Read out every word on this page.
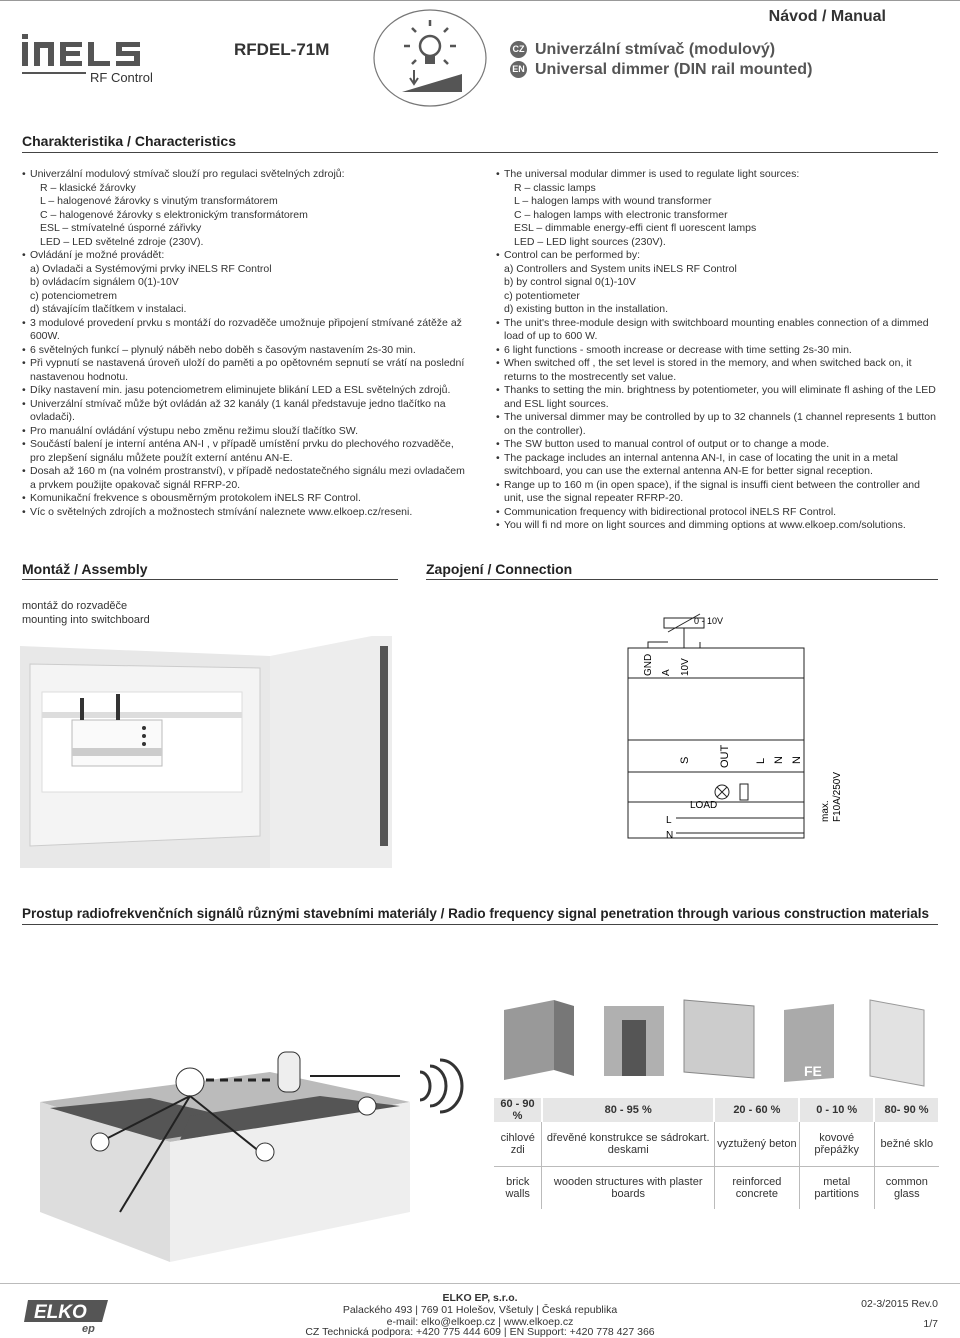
Návod / Manual
RF Control
RFDEL-71M	CZ Univerzální stmívač (modulový)
EN Universal dimmer (DIN rail mounted)
Charakteristika / Characteristics

• Univerzální modulový stmívač slouží pro regulaci světelných zdrojů:

R – klasické žárovky

L – halogenové žárovky s vinutým transformátorem

C – halogenové žárovky s elektronickým transformátorem

ESL – stmívatelné úsporné zářivky

LED – LED světelné zdroje (230V).

• Ovládání je možné provádět:

a) Ovladači a Systémovými prvky iNELS RF Control

b) ovládacím signálem 0(1)-10V

c) potenciometrem

d) stávajícím tlačítkem v instalaci.

• 3 modulové provedení prvku s montáží do rozvaděče umožnuje připojení stmívané zátěže až 600W.

• 6 světelných funkcí – plynulý náběh nebo doběh s časovým nastavením 2s-30 min.

• Při vypnutí se nastavená úroveň uloží do paměti a po opětovném sepnutí se vrátí na poslední nastavenou hodnotu.

• Díky nastavení min. jasu potenciometrem eliminujete blikání LED a ESL světelných zdrojů.

• Univerzální stmívač může být ovládán až 32 kanály (1 kanál představuje jedno tlačítko na ovladači).

• Pro manuální ovládání výstupu nebo změnu režimu slouží tlačítko SW.

• Součástí balení je interní anténa AN-I , v případě umístění prvku do plechového rozvaděče, pro zlepšení signálu můžete použít externí anténu AN-E.

• Dosah až 160 m (na volném prostranství), v případě nedostatečného signálu mezi ovladačem a prvkem použijte opakovač signál RFRP-20.

• Komunikační frekvence s obousměrným protokolem iNELS RF Control.

• Víc o světelných zdrojích a možnostech stmívání naleznete www.elkoep.cz/reseni.

• The universal modular dimmer is used to regulate light sources:

R – classic lamps

L – halogen lamps with wound transformer

C – halogen lamps with electronic transformer

ESL – dimmable energy-effi cient fl uorescent lamps

LED – LED light sources (230V).

• Control can be performed by:

a) Controllers and System units iNELS RF Control

b) by control signal 0(1)-10V

c) potentiometer

d) existing button in the installation.

• The unit's three-module design with switchboard mounting enables connection of a dimmed load of up to 600 W.

• 6 light functions - smooth increase or decrease with time setting 2s-30 min.

• When switched off , the set level is stored in the memory, and when switched back on, it returns to the mostrecently set value.

• Thanks to setting the min. brightness by potentiometer, you will eliminate fl ashing of the LED and ESL light sources.

• The universal dimmer may be controlled by up to 32 channels (1 channel represents 1 button on the controller).

• The SW button used to manual control of output or to change a mode.

• The package includes an internal antenna AN-I, in case of locating the unit in a metal switchboard, you can use the external antenna AN-E for better signal reception.

• Range up to 160 m (in open space), if the signal is insuffi cient between the controller and unit, use the signal repeater RFRP-20.

• Communication frequency with bidirectional protocol iNELS RF Control.

• You will fi nd more on light sources and dimming options at www.elkoep.com/solutions.

Montáž / Assembly
montáž do rozvaděče
mounting into switchboard
Zapojení / Connection
0 - 10V
GND A 10V
S	OUT L N N
LOAD	max. F10A/250V
L
N
Prostup radiofrekvenčních signálů různými stavebními materiály / Radio frequency signal penetration through various construction materials
FE
60 - 90 %	80 - 95 %	20 - 60 %	0 - 10 %	80- 90 %
cihlové zdi	dřevěné konstrukce se sádrokart. deskami	vyztužený beton	kovové přepážky	bežné sklo
brick walls	wooden structures with plaster boards	reinforced concrete	metal partitions	common glass
ELKO
ep
ELKO EP, s.r.o.
Palackého 493 | 769 01 Holešov, Všetuly | Česká republika
e-mail: elko@elkoep.cz | www.elkoep.cz
CZ Technická podpora: +420 775 444 609 | EN Support: +420 778 427 366
02-3/2015 Rev.0
1/7
